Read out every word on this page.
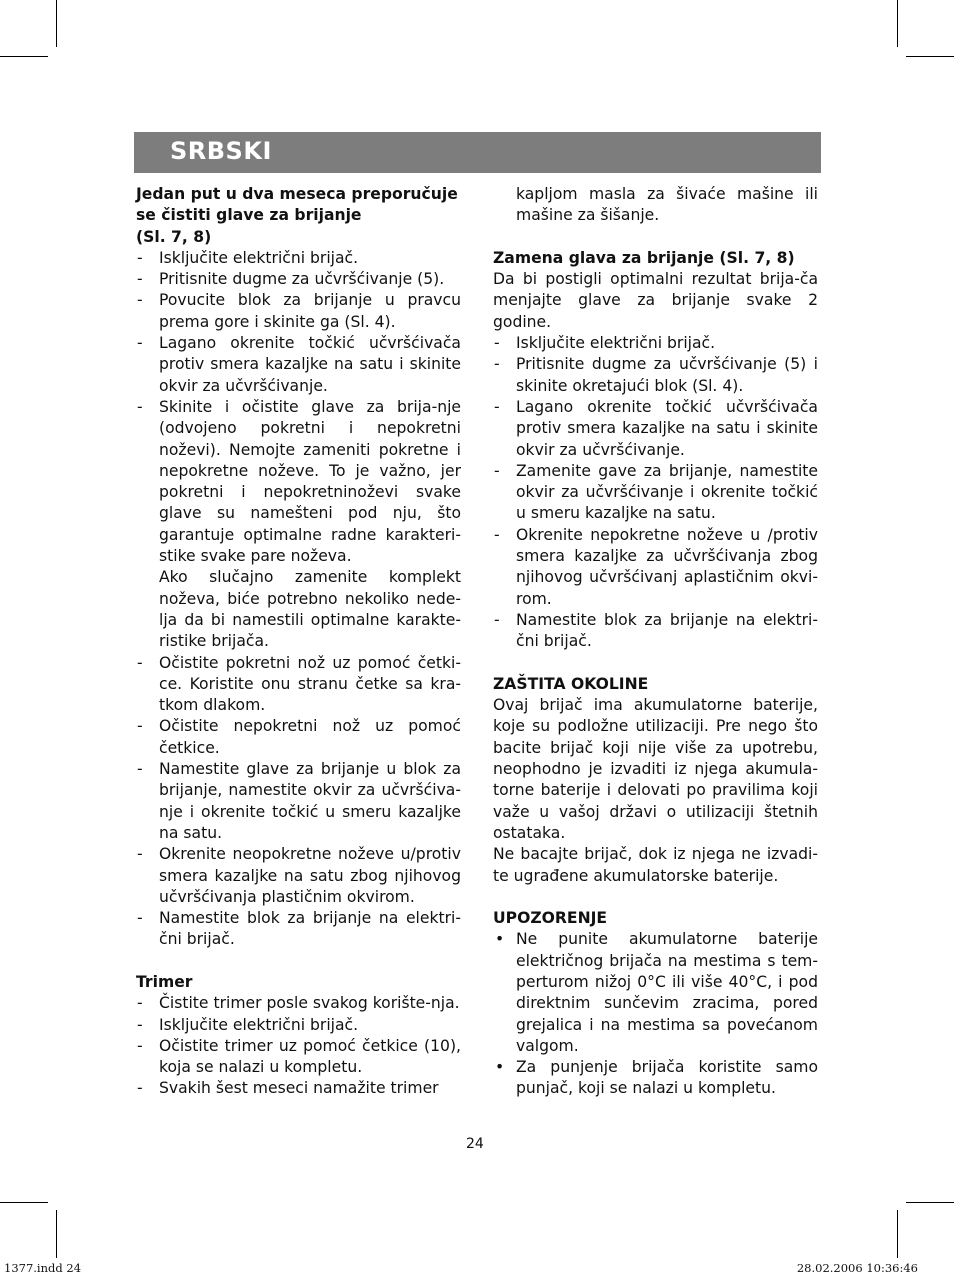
SRBSKI

Jedan put u dva meseca preporučuje

se čistiti glave za brijanje

(Sl. 7, 8)

- Isključite električni brijač.
- Pritisnite dugme za učvršćivanje (5).
- Povucite blok za brijanje u pravcu prema gore i skinite ga (Sl. 4).
- Lagano okrenite točkić učvršćivača protiv smera kazaljke na satu i skinite okvir za učvršćivanje.
- Skinite i očistite glave za brija-nje (odvojeno pokretni i nepokretni noževi). Nemojte zameniti pokretne i nepokretne noževe. To je važno, jer pokretni i nepokretninoževi svake glave su namešteni pod nju, što garantuje optimalne radne karakteri-stike svake pare noževa.
Ako slučajno zamenite komplekt noževa, biće potrebno nekoliko nede-lja da bi namestili optimalne karakte-ristike brijača.
- Očistite pokretni nož uz pomoć četki-ce. Koristite onu stranu četke sa kra-tkom dlakom.
- Očistite nepokretni nož uz pomoć četkice.
- Namestite glave za brijanje u blok za brijanje, namestite okvir za učvršćiva-nje i okrenite točkić u smeru kazaljke na satu.
- Okrenite neopokretne noževe u/protiv smera kazaljke na satu zbog njihovog učvršćivanja plastičnim okvirom.
- Namestite blok za brijanje na elektri-čni brijač.

Trimer

- Čistite trimer posle svakog korište-nja.
- Isključite električni brijač.
- Očistite trimer uz pomoć četkice (10), koja se nalazi u kompletu.
- Svakih šest meseci namažite trimer
kapljom masla za šivaće mašine ili mašine za šišanje.

Zamena glava za brijanje (Sl. 7, 8)

Da bi postigli optimalni rezultat brija-ča menjajte glave za brijanje svake 2 godine.

- Isključite električni brijač.
- Pritisnite dugme za učvršćivanje (5) i skinite okretajući blok (Sl. 4).
- Lagano okrenite točkić učvršćivača protiv smera kazaljke na satu i skinite okvir za učvršćivanje.
- Zamenite gave za brijanje, namestite okvir za učvršćivanje i okrenite točkić u smeru kazaljke na satu.
- Okrenite nepokretne noževe u /protiv smera kazaljke za učvršćivanja zbog njihovog učvršćivanj aplastičnim okvi-rom.
- Namestite blok za brijanje na elektri-čni brijač.

ZAŠTITA OKOLINE

Ovaj brijač ima akumulatorne baterije, koje su podložne utilizaciji. Pre nego što bacite brijač koji nije više za upotrebu, neophodno je izvaditi iz njega akumula-torne baterije i delovati po pravilima koji važe u vašoj državi o utilizaciji štetnih ostataka.

Ne bacajte brijač, dok iz njega ne izvadi-te ugrađene akumulatorske baterije.

UPOZORENJE

• Ne punite akumulatorne baterije električnog brijača na mestima s tem-perturom nižoj 0°C ili više 40°C, i pod direktnim sunčevim zracima, pored grejalica i na mestima sa povećanom valgom.
• Za punjenje brijača koristite samo punjač, koji se nalazi u kompletu.
24
1377.indd 24	28.02.2006 10:36:46
